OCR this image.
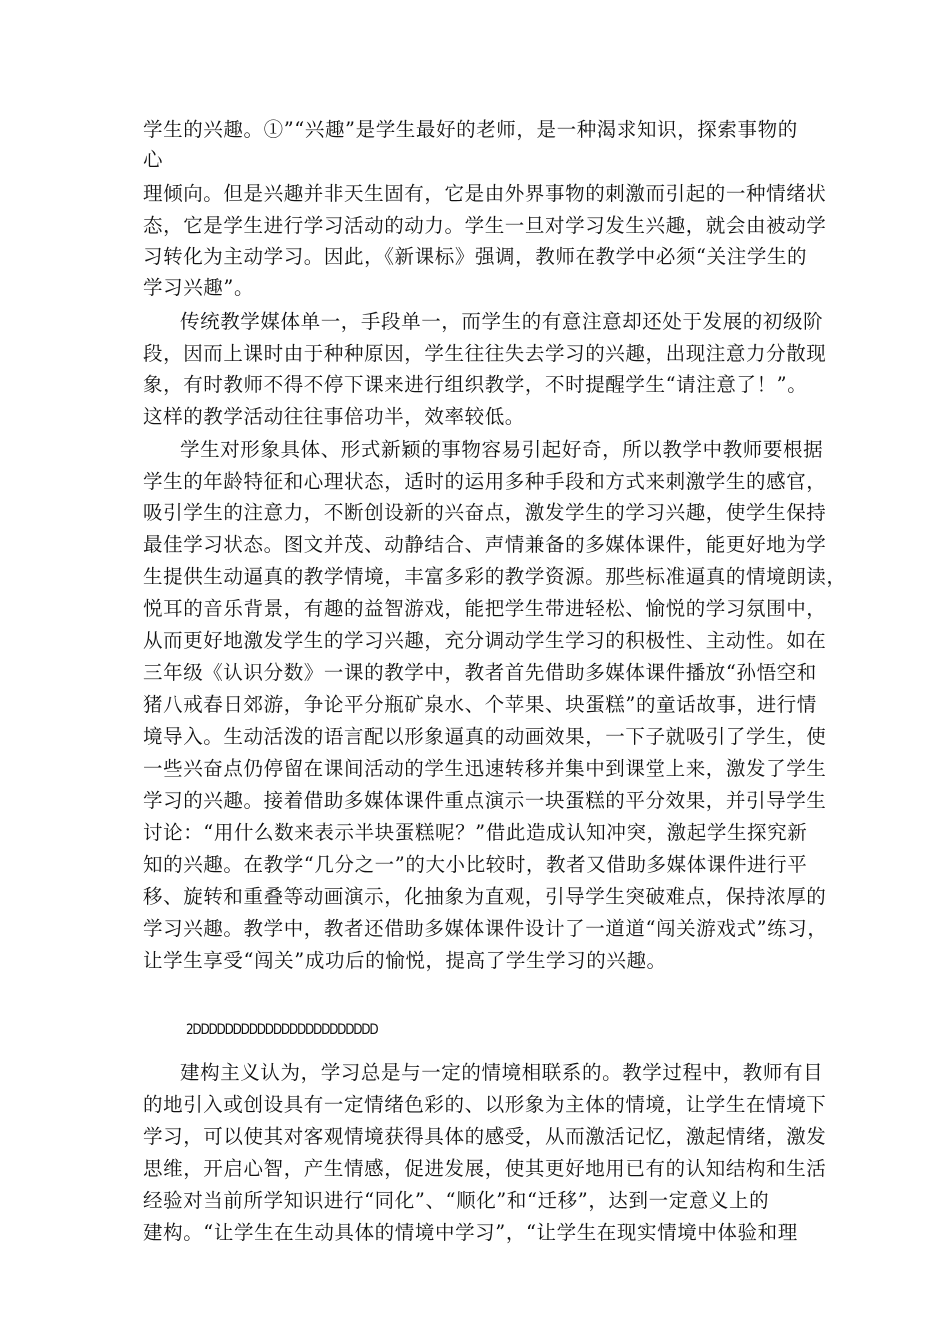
学生的兴趣。①”“兴趣”是学生最好的老师，是一种渴求知识，探索事物的
心
理倾向。但是兴趣并非天生固有，它是由外界事物的刺激而引起的一种情绪状
态，它是学生进行学习活动的动力。学生一旦对学习发生兴趣，就会由被动学
习转化为主动学习。因此，《新课标》强调，教师在教学中必须“关注学生的
学习兴趣”。
传统教学媒体单一，手段单一，而学生的有意注意却还处于发展的初级阶
段，因而上课时由于种种原因，学生往往失去学习的兴趣，出现注意力分散现
象，有时教师不得不停下课来进行组织教学，不时提醒学生“请注意了！”。
这样的教学活动往往事倍功半，效率较低。
学生对形象具体、形式新颖的事物容易引起好奇，所以教学中教师要根据
学生的年龄特征和心理状态，适时的运用多种手段和方式来刺激学生的感官，
吸引学生的注意力，不断创设新的兴奋点，激发学生的学习兴趣，使学生保持
最佳学习状态。图文并茂、动静结合、声情兼备的多媒体课件，能更好地为学
生提供生动逼真的教学情境，丰富多彩的教学资源。那些标准逼真的情境朗读，
悦耳的音乐背景，有趣的益智游戏，能把学生带进轻松、愉悦的学习氛围中，
从而更好地激发学生的学习兴趣，充分调动学生学习的积极性、主动性。如在
三年级《认识分数》一课的教学中，教者首先借助多媒体课件播放“孙悟空和
猪八戒春日郊游，争论平分瓶矿泉水、个苹果、块蛋糕”的童话故事，进行情
境导入。生动活泼的语言配以形象逼真的动画效果，一下子就吸引了学生，使
一些兴奋点仍停留在课间活动的学生迅速转移并集中到课堂上来，激发了学生
学习的兴趣。接着借助多媒体课件重点演示一块蛋糕的平分效果，并引导学生
讨论：“用什么数来表示半块蛋糕呢？”借此造成认知冲突，激起学生探究新
知的兴趣。在教学“几分之一”的大小比较时，教者又借助多媒体课件进行平
移、旋转和重叠等动画演示，化抽象为直观，引导学生突破难点，保持浓厚的
学习兴趣。教学中，教者还借助多媒体课件设计了一道道“闯关游戏式”练习，
让学生享受“闯关”成功后的愉悦，提高了学生学习的兴趣。
2DDDDDDDDDDDDDDDDDDDDDDD
建构主义认为，学习总是与一定的情境相联系的。教学过程中，教师有目
的地引入或创设具有一定情绪色彩的、以形象为主体的情境，让学生在情境下
学习，可以使其对客观情境获得具体的感受，从而激活记忆，激起情绪，激发
思维，开启心智，产生情感，促进发展，使其更好地用已有的认知结构和生活
经验对当前所学知识进行“同化”、“顺化”和“迁移”，达到一定意义上的
建构。“让学生在生动具体的情境中学习”，“让学生在现实情境中体验和理
